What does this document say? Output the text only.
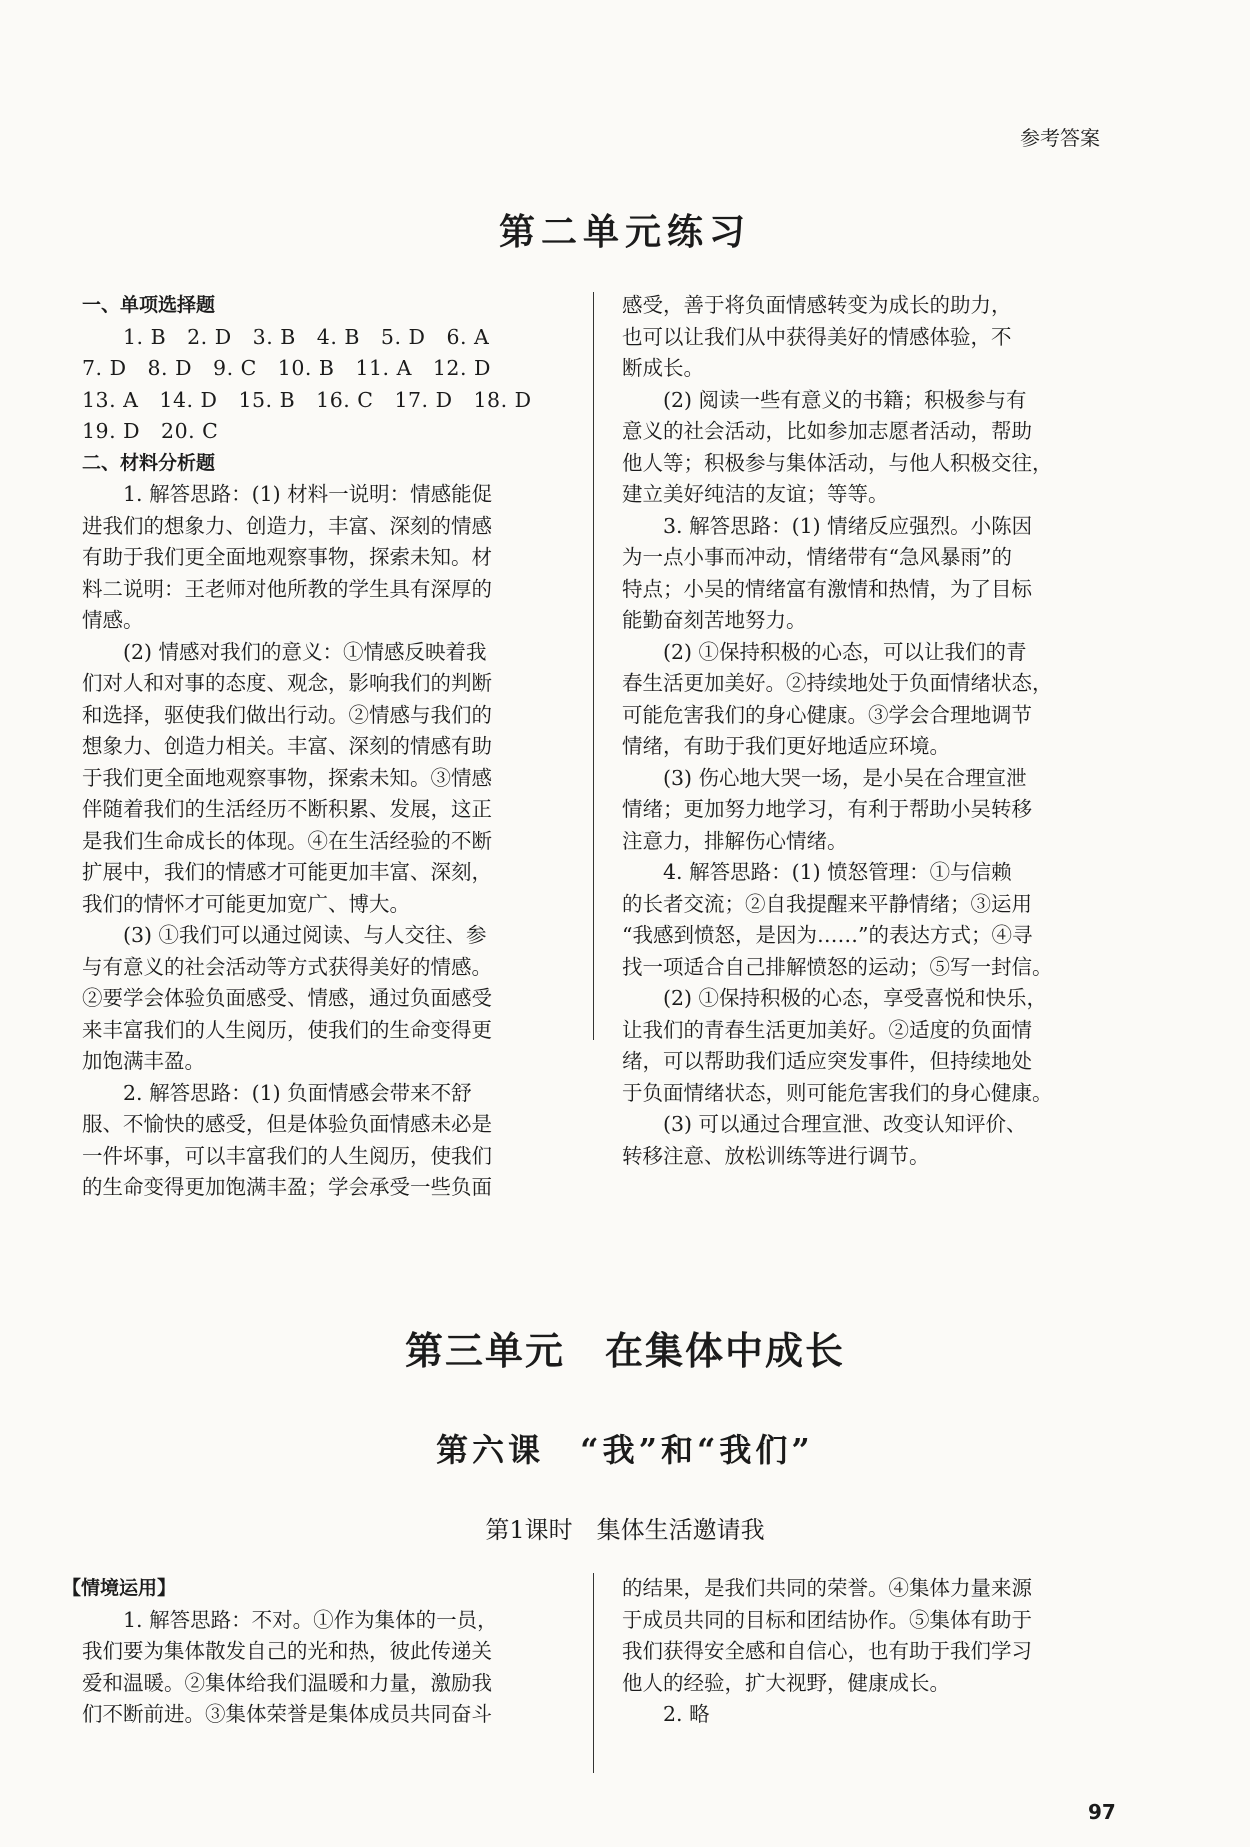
参考答案
第二单元练习

一、单项选择题

1. B　2. D　3. B　4. B　5. D　6. A

7. D　8. D　9. C　10. B　11. A　12. D

13. A　14. D　15. B　16. C　17. D　18. D

19. D　20. C

二、材料分析题

1. 解答思路：(1) 材料一说明：情感能促

进我们的想象力、创造力，丰富、深刻的情感

有助于我们更全面地观察事物，探索未知。材

料二说明：王老师对他所教的学生具有深厚的

情感。

(2) 情感对我们的意义：①情感反映着我

们对人和对事的态度、观念，影响我们的判断

和选择，驱使我们做出行动。②情感与我们的

想象力、创造力相关。丰富、深刻的情感有助

于我们更全面地观察事物，探索未知。③情感

伴随着我们的生活经历不断积累、发展，这正

是我们生命成长的体现。④在生活经验的不断

扩展中，我们的情感才可能更加丰富、深刻，

我们的情怀才可能更加宽广、博大。

(3) ①我们可以通过阅读、与人交往、参

与有意义的社会活动等方式获得美好的情感。

②要学会体验负面感受、情感，通过负面感受

来丰富我们的人生阅历，使我们的生命变得更

加饱满丰盈。

2. 解答思路：(1) 负面情感会带来不舒

服、不愉快的感受，但是体验负面情感未必是

一件坏事，可以丰富我们的人生阅历，使我们

的生命变得更加饱满丰盈；学会承受一些负面

感受，善于将负面情感转变为成长的助力，

也可以让我们从中获得美好的情感体验，不

断成长。

(2) 阅读一些有意义的书籍；积极参与有

意义的社会活动，比如参加志愿者活动，帮助

他人等；积极参与集体活动，与他人积极交往，

建立美好纯洁的友谊；等等。

3. 解答思路：(1) 情绪反应强烈。小陈因

为一点小事而冲动，情绪带有“急风暴雨”的

特点；小吴的情绪富有激情和热情，为了目标

能勤奋刻苦地努力。

(2) ①保持积极的心态，可以让我们的青

春生活更加美好。②持续地处于负面情绪状态，

可能危害我们的身心健康。③学会合理地调节

情绪，有助于我们更好地适应环境。

(3) 伤心地大哭一场，是小吴在合理宣泄

情绪；更加努力地学习，有利于帮助小吴转移

注意力，排解伤心情绪。

4. 解答思路：(1) 愤怒管理：①与信赖

的长者交流；②自我提醒来平静情绪；③运用

“我感到愤怒，是因为……”的表达方式；④寻

找一项适合自己排解愤怒的运动；⑤写一封信。

(2) ①保持积极的心态，享受喜悦和快乐，

让我们的青春生活更加美好。②适度的负面情

绪，可以帮助我们适应突发事件，但持续地处

于负面情绪状态，则可能危害我们的身心健康。

(3) 可以通过合理宣泄、改变认知评价、

转移注意、放松训练等进行调节。

第三单元　在集体中成长
第六课　“我”和“我们”
第1课时　集体生活邀请我

【情境运用】

1. 解答思路：不对。①作为集体的一员，

我们要为集体散发自己的光和热，彼此传递关

爱和温暖。②集体给我们温暖和力量，激励我

们不断前进。③集体荣誉是集体成员共同奋斗

的结果，是我们共同的荣誉。④集体力量来源

于成员共同的目标和团结协作。⑤集体有助于

我们获得安全感和自信心，也有助于我们学习

他人的经验，扩大视野，健康成长。

2. 略

97
